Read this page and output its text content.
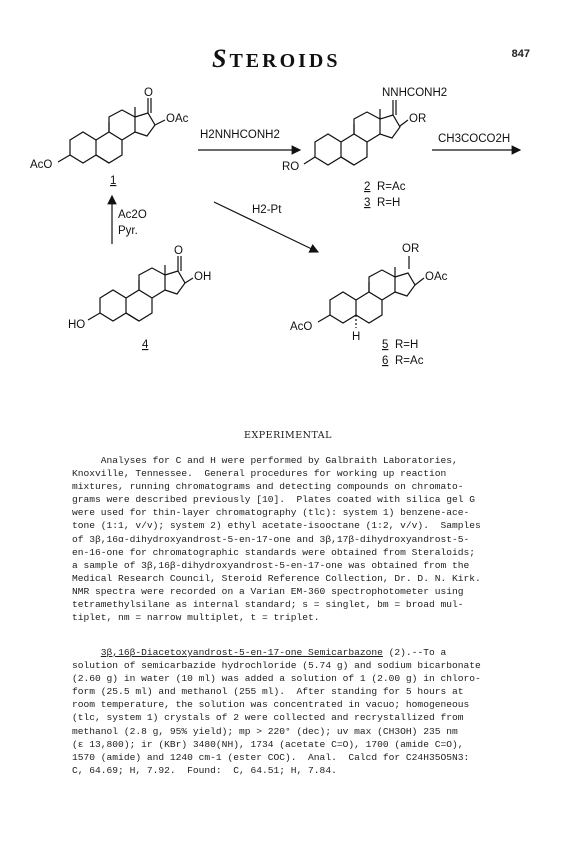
STEROIDS	847
O
OAc
AcO
1
H2NNHCONH2
NNHCONH2
OR
RO
2 R=Ac
3 R=H
CH3COCO2H
H2-Pt
Ac2O
Pyr.
O
OH
HO
4
OR
OAc
AcO
H
5 R=H
6 R=Ac
EXPERIMENTAL
Analyses for C and H were performed by Galbraith Laboratories,
Knoxville, Tennessee.  General procedures for working up reaction
mixtures, running chromatograms and detecting compounds on chromato-
grams were described previously [10].  Plates coated with silica gel G
were used for thin-layer chromatography (tlc): system 1) benzene-ace-
tone (1:1, v/v); system 2) ethyl acetate-isooctane (1:2, v/v).  Samples
of 3β,16α-dihydroxyandrost-5-en-17-one and 3β,17β-dihydroxyandrost-5-
en-16-one for chromatographic standards were obtained from Steraloids;
a sample of 3β,16β-dihydroxyandrost-5-en-17-one was obtained from the
Medical Research Council, Steroid Reference Collection, Dr. D. N. Kirk.
NMR spectra were recorded on a Varian EM-360 spectrophotometer using
tetramethylsilane as internal standard; s = singlet, bm = broad mul-
tiplet, nm = narrow multiplet, t = triplet.
3β,16β-Diacetoxyandrost-5-en-17-one Semicarbazone (2).--To a
solution of semicarbazide hydrochloride (5.74 g) and sodium bicarbonate
(2.60 g) in water (10 ml) was added a solution of 1 (2.00 g) in chloro-
form (25.5 ml) and methanol (255 ml).  After standing for 5 hours at
room temperature, the solution was concentrated in vacuo; homogeneous
(tlc, system 1) crystals of 2 were collected and recrystallized from
methanol (2.8 g, 95% yield); mp > 220° (dec); uv max (CH3OH) 235 nm
(ε 13,800); ir (KBr) 3480(NH), 1734 (acetate C=O), 1700 (amide C=O),
1570 (amide) and 1240 cm-1 (ester COC).  Anal.  Calcd for C24H35O5N3:
C, 64.69; H, 7.92.  Found:  C, 64.51; H, 7.84.
